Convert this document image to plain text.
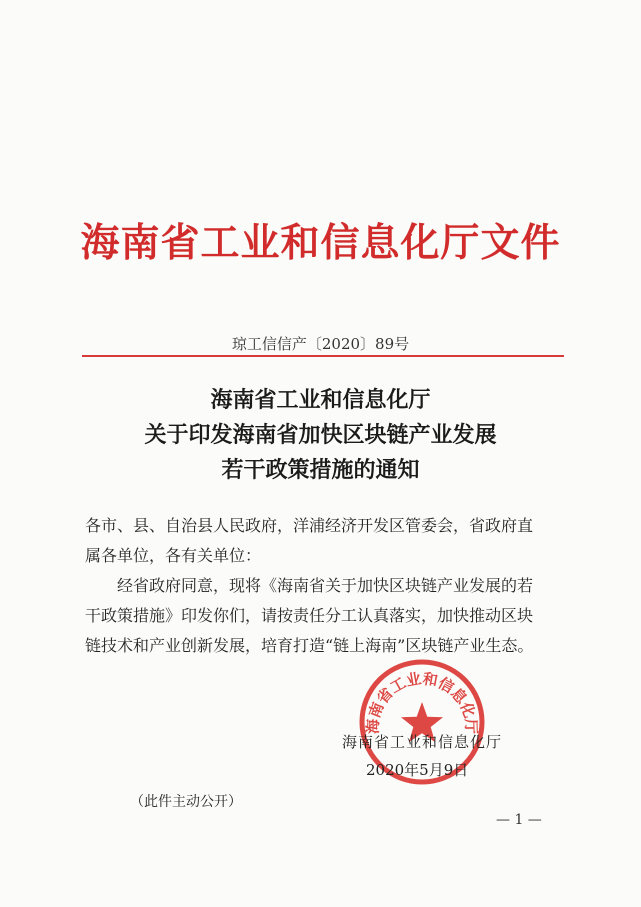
海南省工业和信息化厅文件
琼工信信产〔2020〕89号
海南省工业和信息化厅
关于印发海南省加快区块链产业发展
若干政策措施的通知
各市、县、自治县人民政府，洋浦经济开发区管委会，省政府直
属各单位，各有关单位：
经省政府同意，现将《海南省关于加快区块链产业发展的若
干政策措施》印发你们，请按责任分工认真落实，加快推动区块
链技术和产业创新发展，培育打造“链上海南”区块链产业生态。
海南省工业和信息化厅
海南省工业和信息化厅
2020年5月9日
（此件主动公开）
— 1 —
